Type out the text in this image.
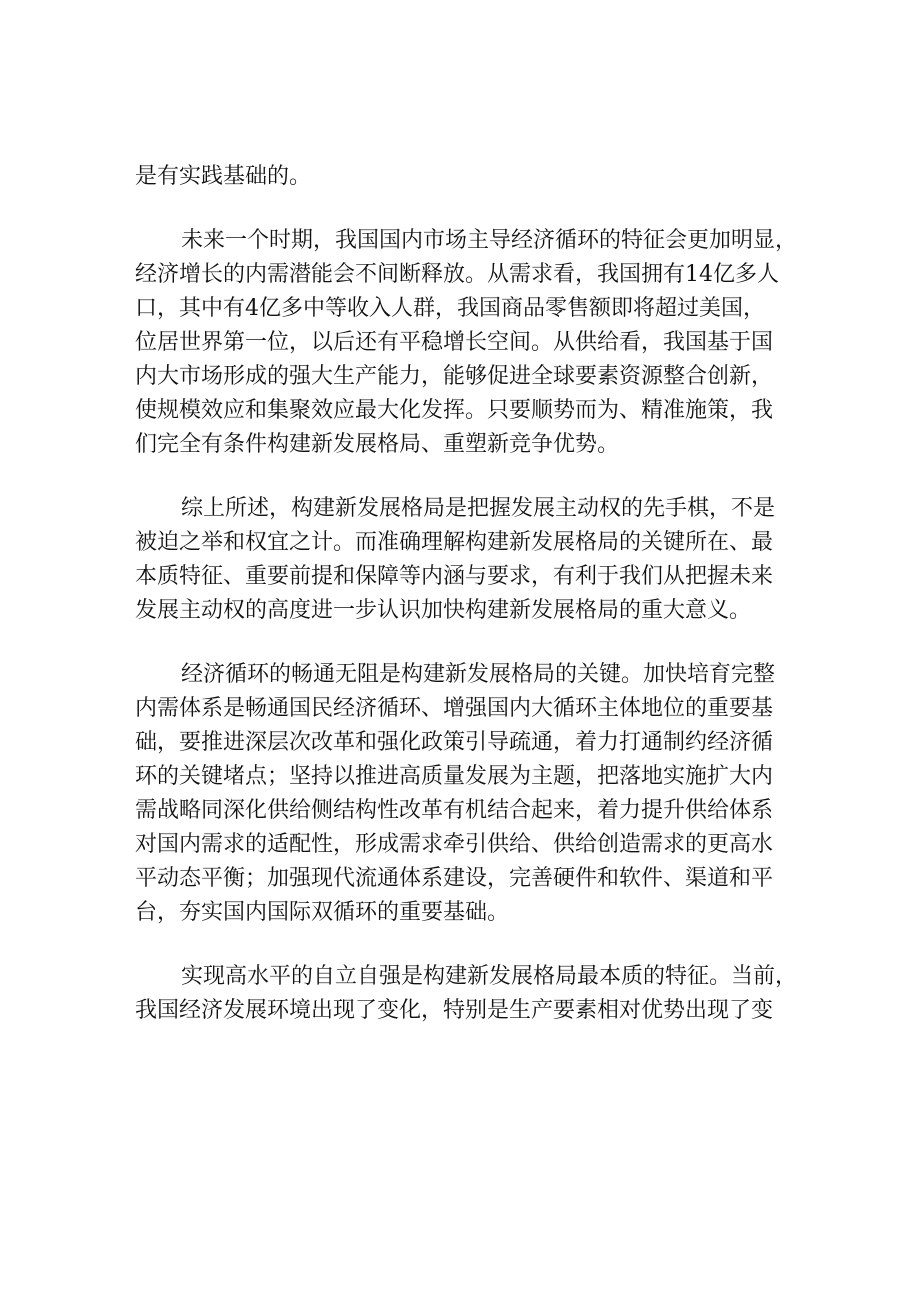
是有实践基础的。
未来一个时期，我国国内市场主导经济循环的特征会更加明显，
经济增长的内需潜能会不间断释放。从需求看，我国拥有14亿多人
口，其中有4亿多中等收入人群，我国商品零售额即将超过美国，
位居世界第一位，以后还有平稳增长空间。从供给看，我国基于国
内大市场形成的强大生产能力，能够促进全球要素资源整合创新，
使规模效应和集聚效应最大化发挥。只要顺势而为、精准施策，我
们完全有条件构建新发展格局、重塑新竞争优势。
综上所述，构建新发展格局是把握发展主动权的先手棋，不是
被迫之举和权宜之计。而准确理解构建新发展格局的关键所在、最
本质特征、重要前提和保障等内涵与要求，有利于我们从把握未来
发展主动权的高度进一步认识加快构建新发展格局的重大意义。
经济循环的畅通无阻是构建新发展格局的关键。加快培育完整
内需体系是畅通国民经济循环、增强国内大循环主体地位的重要基
础，要推进深层次改革和强化政策引导疏通，着力打通制约经济循
环的关键堵点；坚持以推进高质量发展为主题，把落地实施扩大内
需战略同深化供给侧结构性改革有机结合起来，着力提升供给体系
对国内需求的适配性，形成需求牵引供给、供给创造需求的更高水
平动态平衡；加强现代流通体系建设，完善硬件和软件、渠道和平
台，夯实国内国际双循环的重要基础。
实现高水平的自立自强是构建新发展格局最本质的特征。当前，
我国经济发展环境出现了变化，特别是生产要素相对优势出现了变
